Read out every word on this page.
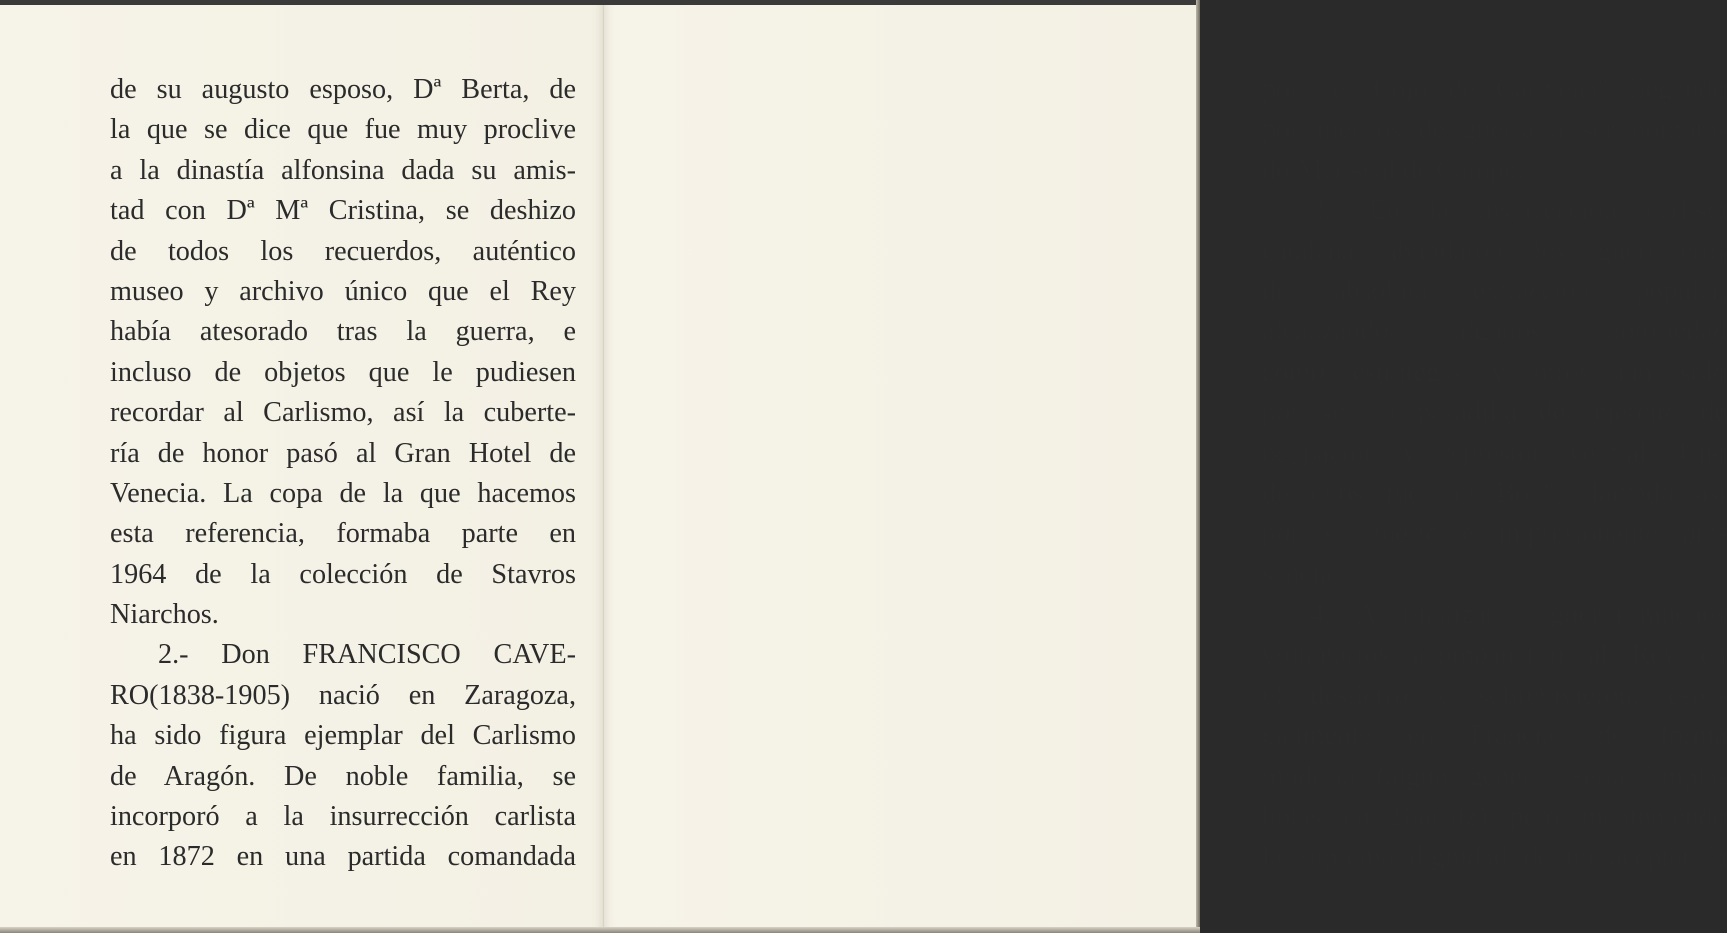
de su augusto esposo, Dª Berta, de
la que se dice que fue muy proclive
a la dinastía alfonsina dada su amis-
tad con Dª Mª Cristina, se deshizo
de todos los recuerdos, auténtico
museo y archivo único que el Rey
había atesorado tras la guerra, e
incluso de objetos que le pudiesen
recordar al Carlismo, así la cuberte-
ría de honor pasó al Gran Hotel de
Venecia. La copa de la que hacemos
esta referencia, formaba parte en
1964 de la colección de Stavros
Niarchos.
2.- Don FRANCISCO CAVE-
RO(1838-1905) nació en Zaragoza,
ha sido figura ejemplar del Carlismo
de Aragón. De noble familia, se
incorporó a la insurrección carlista
en 1872 en una partida comandada
por "el Cojo de Cariñena" llegando
por méritos de guerra a ser nombra-
do Mariscal de Campo.
3.- En la insurrección carlista
catalana abundaron los guerrilleros
de absoluta extracción popular,
alcanzando algunos notoriedad
como estrategas y otros tan solo
por ser la pesadilla del ejército de
ocupación y represión central. Uno
de ellos fue "el Bou", llamado así
por su fuerte e impresionante pre-
sencia.
4.- Al finalizar la guerra muchos
voluntarios acompañaron al Rey en
el destierro y sobrevivieron, espe-
cialmente en Francia, de forma
modesta (algún general seria limpia-
botas en Biarritz) pero manteniendo
la suprema dignidad de no aceptar la
